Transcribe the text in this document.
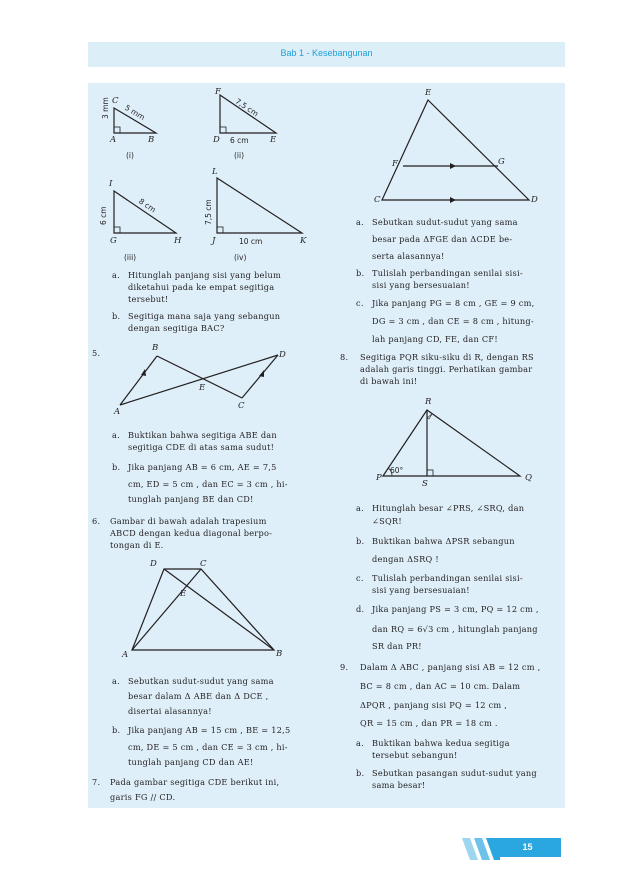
Bab 1 - Kesebangunan
C
3 mm 5 mm
A	B
(i)
F
7,5 cm
D 6 cm	E
(ii)
I
6 cm
8 cm
G	H
(iii)
L
7,5 cm
J	10 cm	K
(iv)
a. Hitunglah panjang sisi yang belum
diketahui pada ke empat segitiga
tersebut!
b. Segitiga mana saja yang sebangun
dengan segitiga BAC?
5.	B
D
E
A
C
a. Buktikan bahwa segitiga ABE dan
segitiga CDE di atas sama sudut!
b. Jika panjang AB = 6 cm, AE = 7,5
cm, ED = 5 cm , dan EC = 3 cm , hi-
tunglah panjang BE dan CD!
6. Gambar di bawah adalah trapesium
ABCD dengan kedua diagonal berpo-
tongan di E.
D	C
E
A	B
a. Sebutkan sudut-sudut yang sama
besar dalam Δ ABE dan Δ DCE ,
disertai alasannya!
b. Jika panjang AB = 15 cm , BE = 12,5
cm, DE = 5 cm , dan CE = 3 cm , hi-
tunglah panjang CD dan AE!
7. Pada gambar segitiga CDE berikut ini,
garis FG // CD.
E
F	G
C	D
a. Sebutkan sudut-sudut yang sama
besar pada ΔFGE dan ΔCDE be-
serta alasannya!
b. Tulislah perbandingan senilai sisi-
sisi yang bersesuaian!
c. Jika panjang PG = 8 cm , GE = 9 cm,
DG = 3 cm , dan CE = 8 cm , hitung-
lah panjang CD, FE, dan CF!
8. Segitiga PQR siku-siku di R, dengan RS
adalah garis tinggi. Perhatikan gambar
di bawah ini!
R
P
60°
S
Q
a. Hitunglah besar ∠PRS, ∠SRQ, dan
∠SQR!
b. Buktikan bahwa ΔPSR sebangun
dengan ΔSRQ !
c. Tulislah perbandingan senilai sisi-
sisi yang bersesuaian!
d. Jika panjang PS = 3 cm, PQ = 12 cm ,
dan RQ = 6√3 cm , hitunglah panjang
SR dan PR!
9. Dalam Δ ABC , panjang sisi AB = 12 cm ,
BC = 8 cm , dan AC = 10 cm. Dalam
ΔPQR , panjang sisi PQ = 12 cm ,
QR = 15 cm , dan PR = 18 cm .
a. Buktikan bahwa kedua segitiga
tersebut sebangun!
b. Sebutkan pasangan sudut-sudut yang
sama besar!
15
